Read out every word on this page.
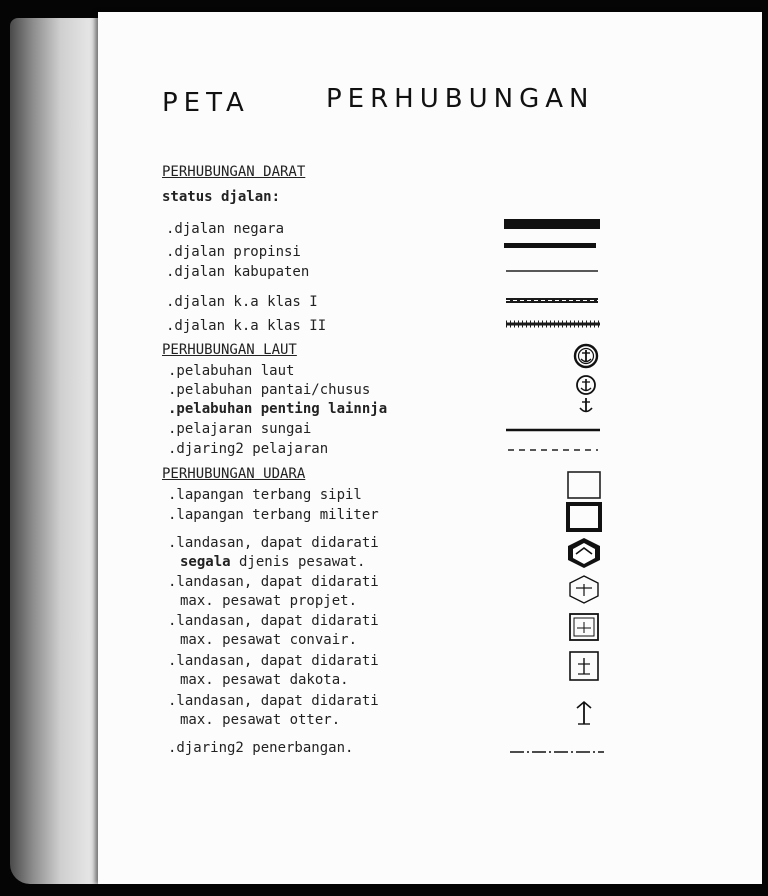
PETA	PERHUBUNGAN
PERHUBUNGAN DARAT
status djalan:
.djalan negara
.djalan propinsi
.djalan kabupaten
.djalan k.a klas I
.djalan k.a klas II
PERHUBUNGAN LAUT
.pelabuhan laut
.pelabuhan pantai/chusus
.pelabuhan penting lainnja
.pelajaran sungai
.djaring2 pelajaran
PERHUBUNGAN UDARA
.lapangan terbang sipil
.lapangan terbang militer
.landasan, dapat didarati
segala djenis pesawat.
.landasan, dapat didarati
max. pesawat propjet.
.landasan, dapat didarati
max. pesawat convair.
.landasan, dapat didarati
max. pesawat dakota.
.landasan, dapat didarati
max. pesawat otter.
.djaring2 penerbangan.
